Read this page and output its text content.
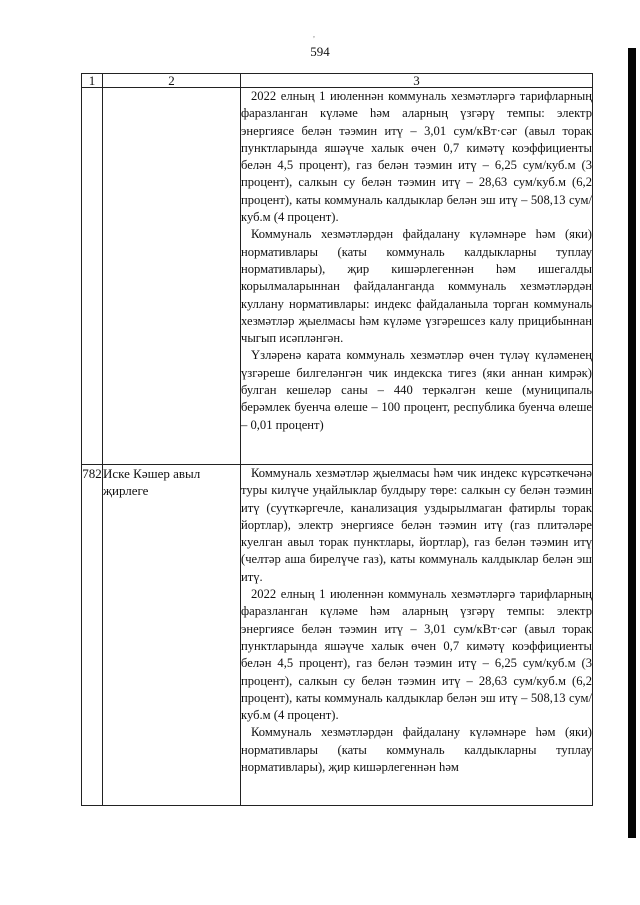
,
594
1	2	3

		2022 елның 1 июленнән коммуналь хезмәтләргә тарифларның фаразланган күләме һәм аларның үзгәрү темпы: электр энергиясе белән тәэмин итү – 3,01 сум/кВт·сәг (авыл торак пунктларында яшәүче халык өчен 0,7 кимәтү коэффициенты белән 4,5 процент), газ белән тәэмин итү – 6,25 сум/куб.м (3 процент), салкын су белән тәэмин итү – 28,63 сум/куб.м (6,2 процент), каты коммуналь калдыклар белән эш итү – 508,13 сум/куб.м (4 процент).

Коммуналь хезмәтләрдән файдалану күләмнәре һәм (яки) нормативлары (каты коммуналь калдыкларны туплау нормативлары), җир кишәрлегеннән һәм ишегалды корылмаларыннан файдаланганда коммуналь хезмәтләрдән куллану нормативлары: индекс файдаланыла торган коммуналь хезмәтләр җыелмасы һәм күләме үзгәрешсез калу прицибыннан чыгып исәпләнгән.

Үзләренә карата коммуналь хезмәтләр өчен түләү күләменең үзгәреше билгеләнгән чик индекска тигез (яки аннан кимрәк) булган кешеләр саны – 440 теркәлгән кеше (муниципаль берәмлек буенча өлеше – 100 процент, республика буенча өлеше – 0,01 процент)

782	Иске Кәшер авыл җирлеге	Коммуналь хезмәтләр җыелмасы һәм чик индекс күрсәткечәнә туры килүче уңайлыклар булдыру төре: салкын су белән тәэмин итү (суүткәргечле, канализация уздырылмаган фатирлы торак йортлар), электр энергиясе белән тәэмин итү (газ плитәләре куелган авыл торак пунктлары, йортлар), газ белән тәэмин итү (челтәр аша бирелүче газ), каты коммуналь калдыклар белән эш итү.

2022 елның 1 июленнән коммуналь хезмәтләргә тарифларның фаразланган күләме һәм аларның үзгәрү темпы: электр энергиясе белән тәэмин итү – 3,01 сум/кВт·сәг (авыл торак пунктларында яшәүче халык өчен 0,7 кимәтү коэффициенты белән 4,5 процент), газ белән тәэмин итү – 6,25 сум/куб.м (3 процент), салкын су белән тәэмин итү – 28,63 сум/куб.м (6,2 процент), каты коммуналь калдыклар белән эш итү – 508,13 сум/куб.м (4 процент).

Коммуналь хезмәтләрдән файдалану күләмнәре һәм (яки) нормативлары (каты коммуналь калдыкларны туплау нормативлары), җир кишәрлегеннән һәм
